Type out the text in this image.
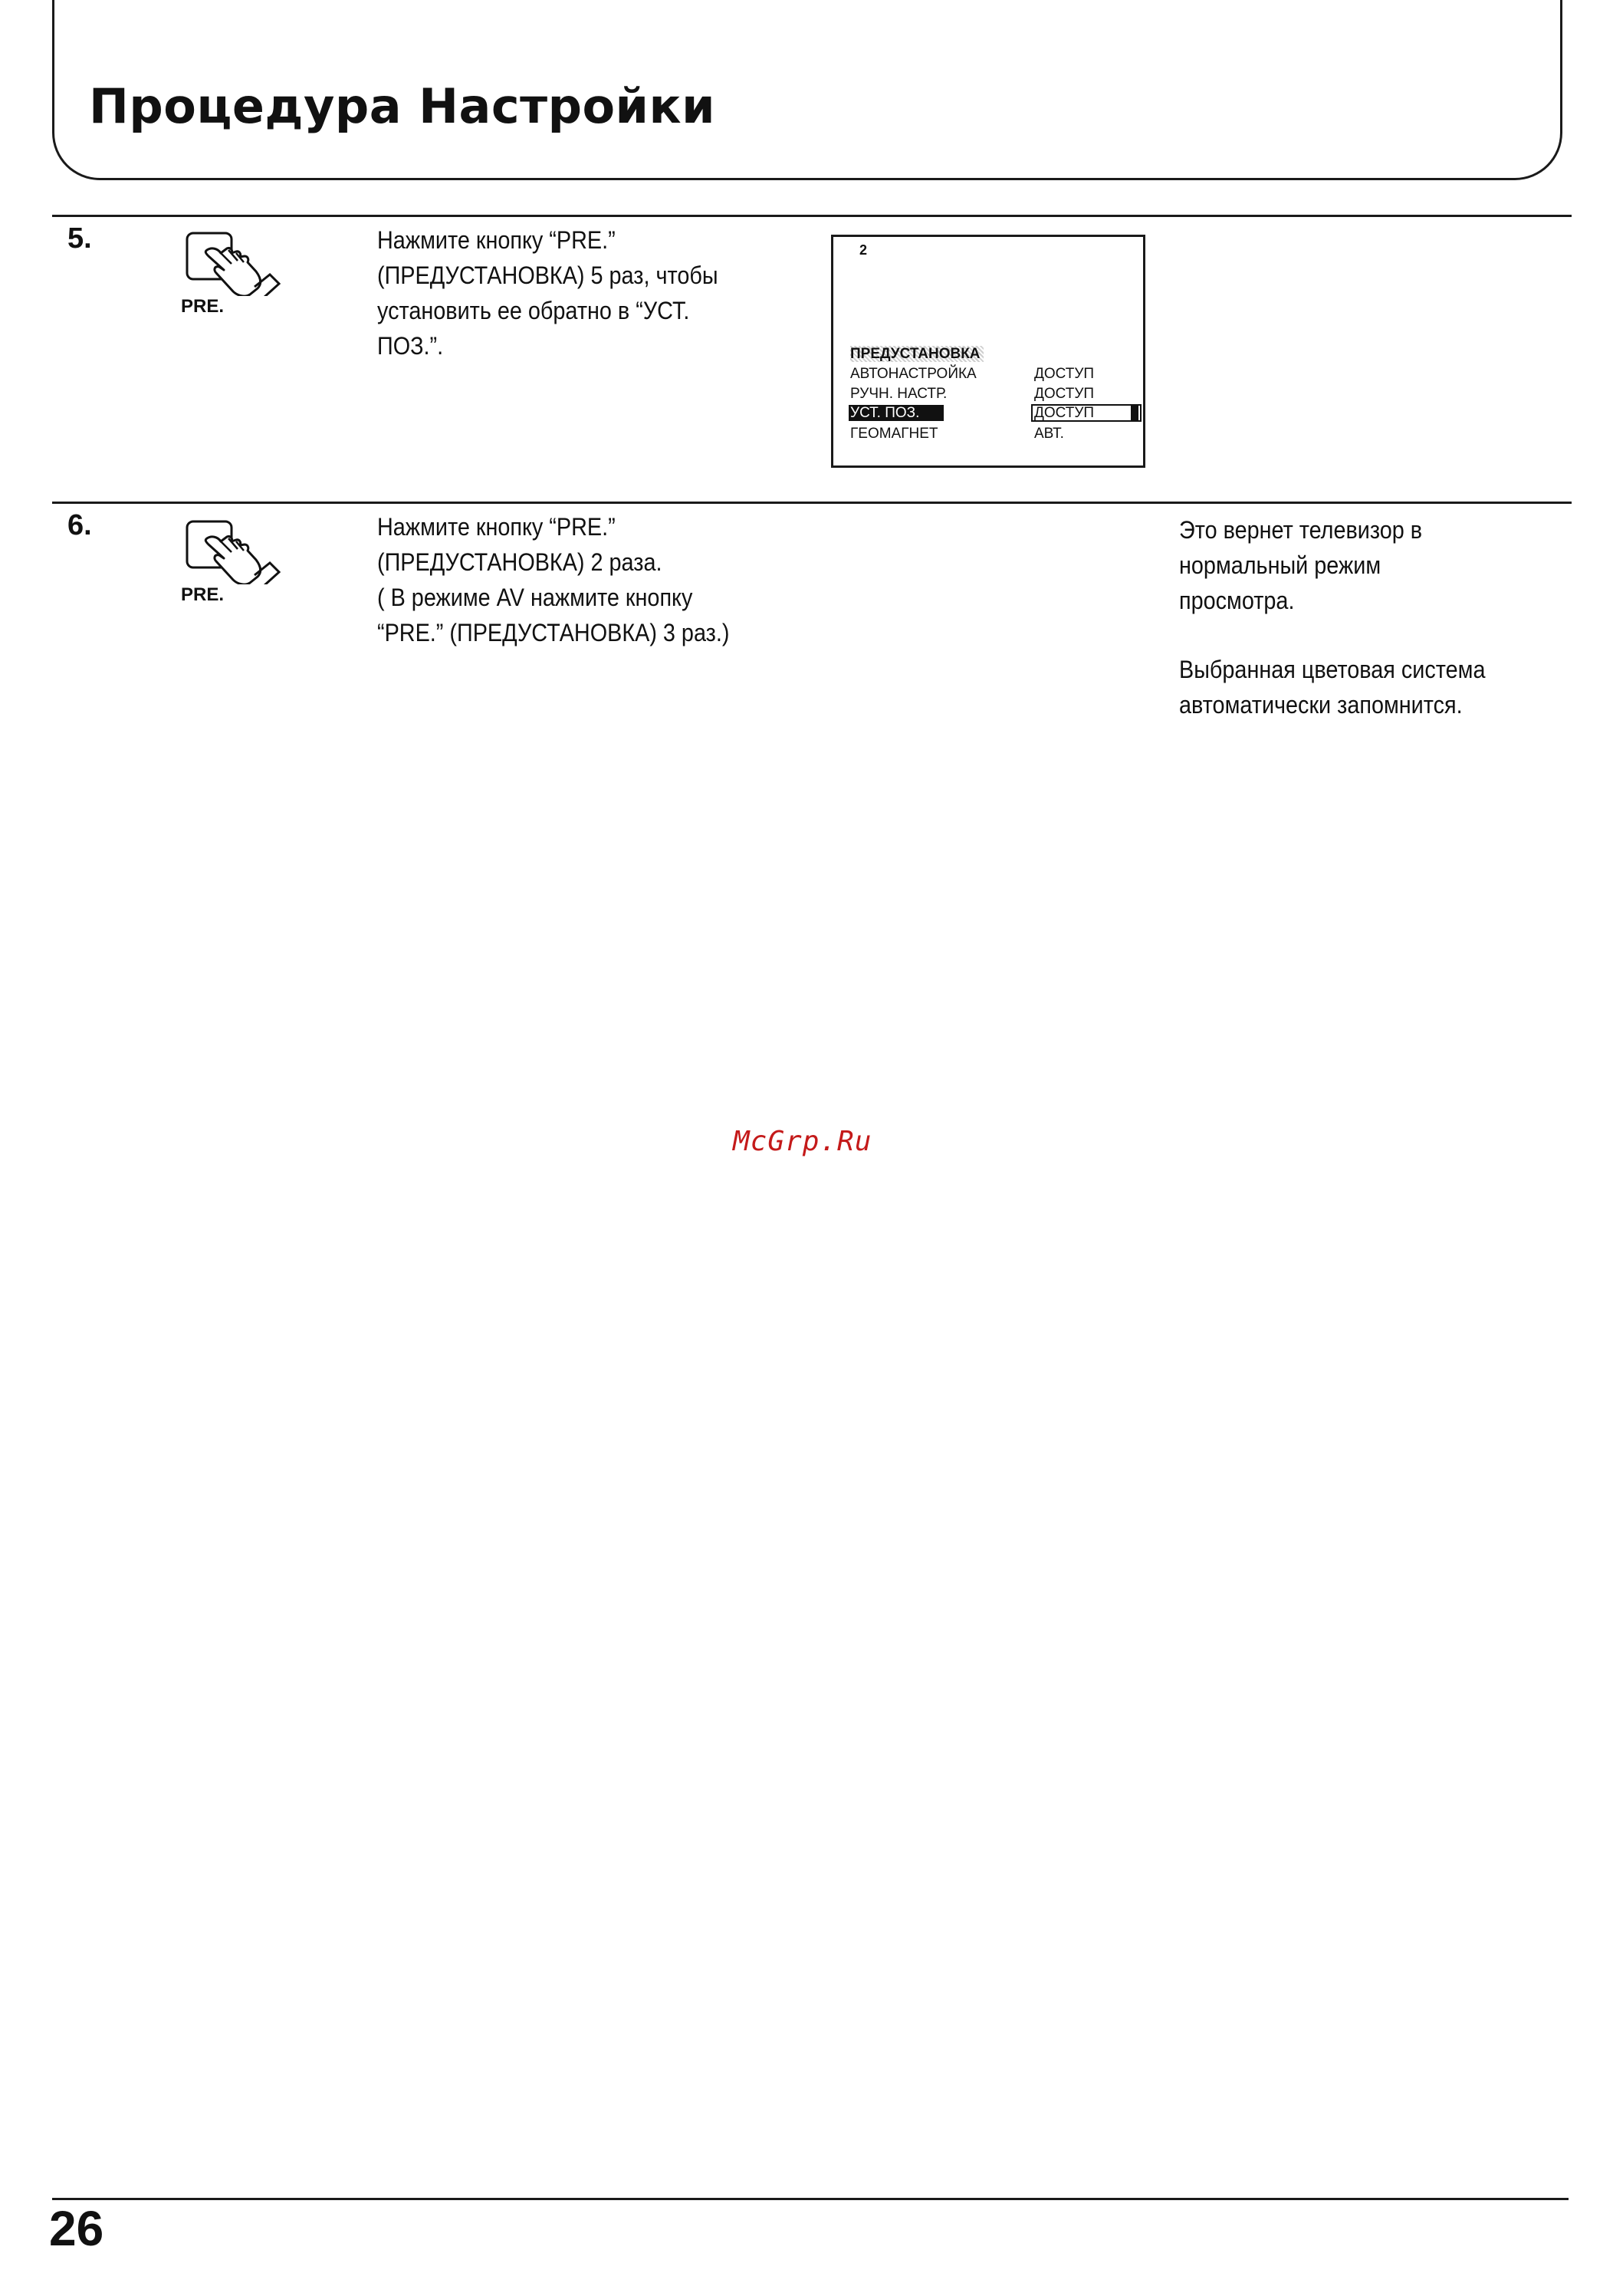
Процедура Настройки

5.

PRE.

Нажмите кнопку “PRE.”
(ПРЕДУСТАНОВКА) 5 раз, чтобы
установить ее обратно в “УСТ.
ПОЗ.”.

2
ПРЕДУСТАНОВКА
АВТОНАСТРОЙКА	ДОСТУП
РУЧН. НАСТР.	ДОСТУП
УСТ. ПОЗ.	ДОСТУП
ГЕОМАГНЕТ	АВТ.

6.

PRE.

Нажмите кнопку “PRE.”
(ПРЕДУСТАНОВКА) 2 раза.
( В режиме AV нажмите кнопку
“PRE.” (ПРЕДУСТАНОВКА) 3 раз.)

Это вернет телевизор в
нормальный режим
просмотра.

Выбранная цветовая система
автоматически запомнится.

McGrp.Ru

26
